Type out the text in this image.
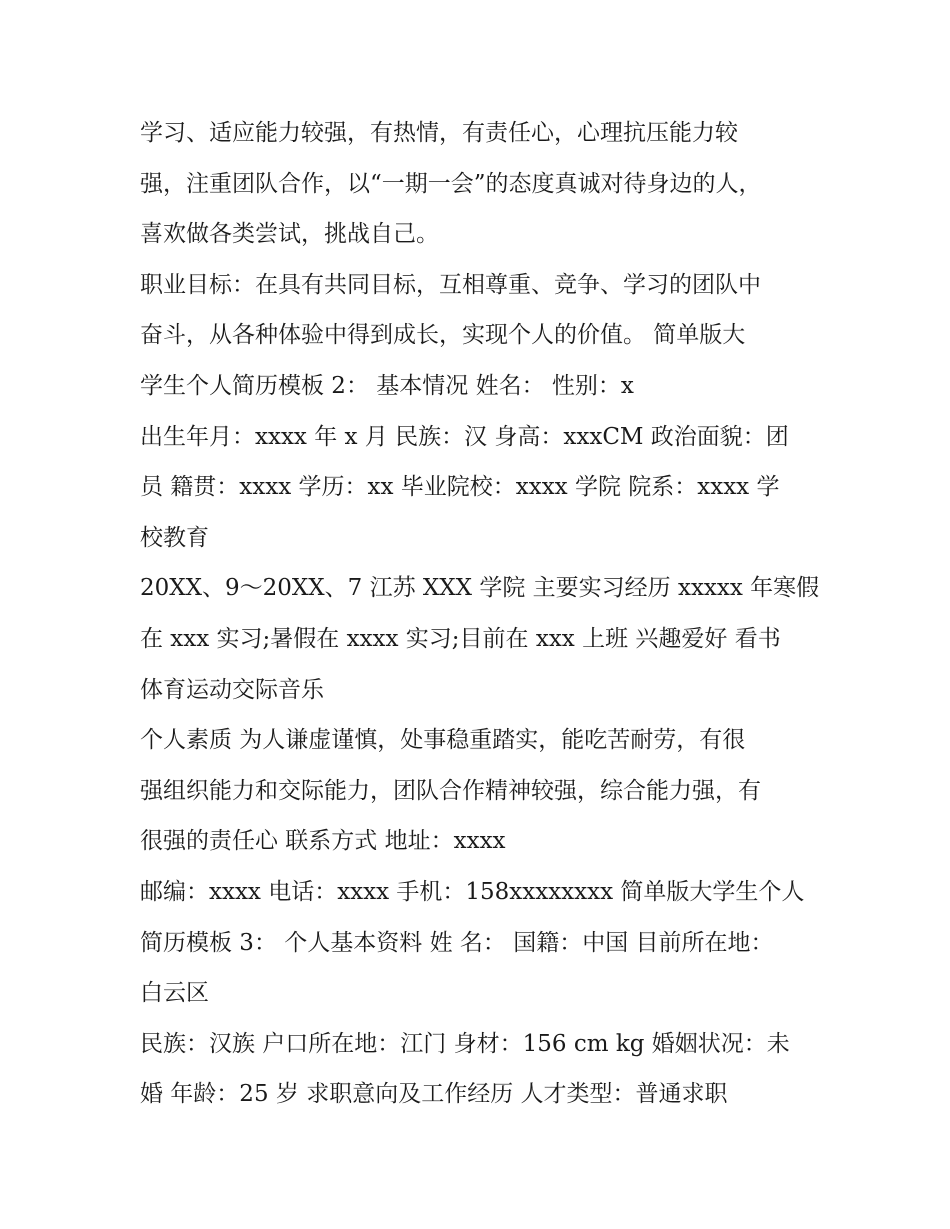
学习、适应能力较强，有热情，有责任心，心理抗压能力较
强，注重团队合作，以“一期一会”的态度真诚对待身边的人，
喜欢做各类尝试，挑战自己。
职业目标：在具有共同目标，互相尊重、竞争、学习的团队中
奋斗，从各种体验中得到成长，实现个人的价值。 简单版大
学生个人简历模板 2： 基本情况 姓名： 性别：x
出生年月：xxxx 年 x 月 民族：汉 身高：xxxCM 政治面貌：团
员 籍贯：xxxx 学历：xx 毕业院校：xxxx 学院 院系：xxxx 学
校教育
20XX、9～20XX、7 江苏 XXX 学院 主要实习经历 xxxxx 年寒假
在 xxx 实习;暑假在 xxxx 实习;目前在 xxx 上班 兴趣爱好 看书
体育运动交际音乐
个人素质 为人谦虚谨慎，处事稳重踏实，能吃苦耐劳，有很
强组织能力和交际能力，团队合作精神较强，综合能力强，有
很强的责任心 联系方式 地址：xxxx
邮编：xxxx 电话：xxxx 手机：158xxxxxxxx 简单版大学生个人
简历模板 3： 个人基本资料 姓 名： 国籍：中国 目前所在地：
白云区
民族：汉族 户口所在地：江门 身材：156 cm kg 婚姻状况：未
婚 年龄：25 岁 求职意向及工作经历 人才类型：普通求职
